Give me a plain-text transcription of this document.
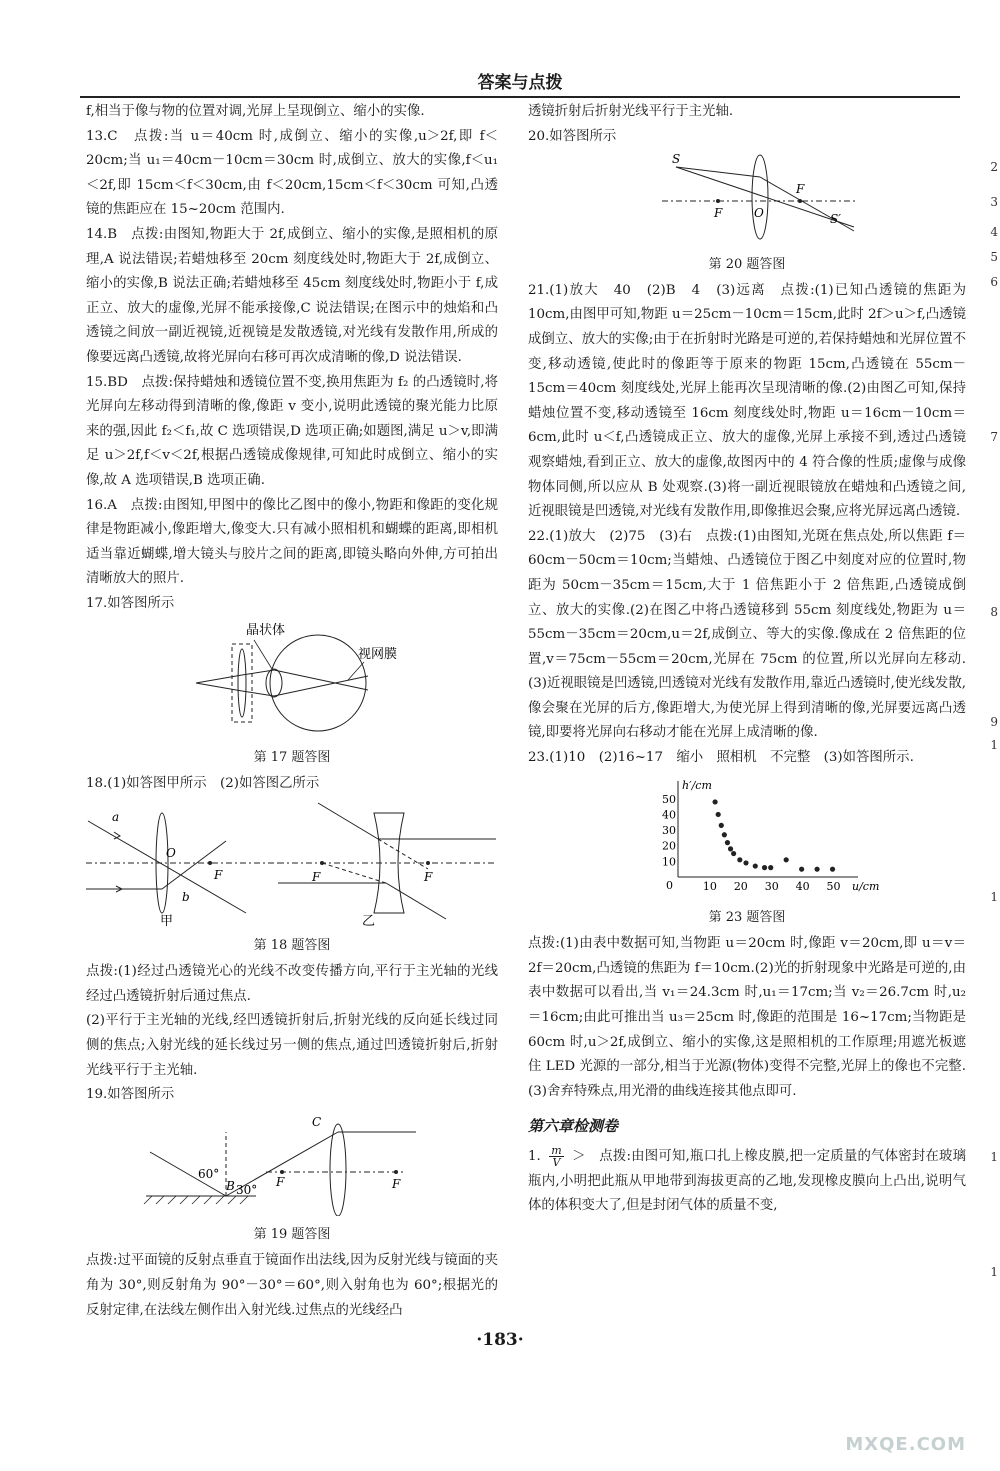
答案与点拨

f,相当于像与物的位置对调,光屏上呈现倒立、缩小的实像.

13.C　点拨:当 u＝40cm 时,成倒立、缩小的实像,u＞2f,即 f＜20cm;当 u₁＝40cm－10cm＝30cm 时,成倒立、放大的实像,f＜u₁＜2f,即 15cm＜f＜30cm,由 f＜20cm,15cm＜f＜30cm 可知,凸透镜的焦距应在 15~20cm 范围内.

14.B　点拨:由图知,物距大于 2f,成倒立、缩小的实像,是照相机的原理,A 说法错误;若蜡烛移至 20cm 刻度线处时,物距大于 2f,成倒立、缩小的实像,B 说法正确;若蜡烛移至 45cm 刻度线处时,物距小于 f,成正立、放大的虚像,光屏不能承接像,C 说法错误;在图示中的烛焰和凸透镜之间放一副近视镜,近视镜是发散透镜,对光线有发散作用,所成的像要远离凸透镜,故将光屏向右移可再次成清晰的像,D 说法错误.

15.BD　点拨:保持蜡烛和透镜位置不变,换用焦距为 f₂ 的凸透镜时,将光屏向左移动得到清晰的像,像距 v 变小,说明此透镜的聚光能力比原来的强,因此 f₂＜f₁,故 C 选项错误,D 选项正确;如题图,满足 u＞v,即满足 u＞2f,f＜v＜2f,根据凸透镜成像规律,可知此时成倒立、缩小的实像,故 A 选项错误,B 选项正确.

16.A　点拨:由图知,甲图中的像比乙图中的像小,物距和像距的变化规律是物距减小,像距增大,像变大.只有减小照相机和蝴蝶的距离,即相机适当靠近蝴蝶,增大镜头与胶片之间的距离,即镜头略向外伸,方可拍出清晰放大的照片.

17.如答图所示

晶状体
视网膜
第 17 题答图

18.(1)如答图甲所示　(2)如答图乙所示

a
O
b
F
甲
F	F
乙
第 18 题答图

点拨:(1)经过凸透镜光心的光线不改变传播方向,平行于主光轴的光线经过凸透镜折射后通过焦点.

(2)平行于主光轴的光线,经凹透镜折射后,折射光线的反向延长线过同侧的焦点;入射光线的延长线过另一侧的焦点,通过凹透镜折射后,折射光线平行于主光轴.

19.如答图所示

60°
30°
B
C
F	F
第 19 题答图

点拨:过平面镜的反射点垂直于镜面作出法线,因为反射光线与镜面的夹角为 30°,则反射角为 90°－30°＝60°,则入射角也为 60°;根据光的反射定律,在法线左侧作出入射光线.过焦点的光线经凸

透镜折射后折射光线平行于主光轴.

20.如答图所示

S
S′
F
F
O
第 20 题答图

21.(1)放大　40　(2)B　4　(3)远离　点拨:(1)已知凸透镜的焦距为 10cm,由图甲可知,物距 u＝25cm－10cm＝15cm,此时 2f＞u＞f,凸透镜成倒立、放大的实像;由于在折射时光路是可逆的,若保持蜡烛和光屏位置不变,移动透镜,使此时的像距等于原来的物距 15cm,凸透镜在 55cm－15cm＝40cm 刻度线处,光屏上能再次呈现清晰的像.(2)由图乙可知,保持蜡烛位置不变,移动透镜至 16cm 刻度线处时,物距 u＝16cm－10cm＝6cm,此时 u＜f,凸透镜成正立、放大的虚像,光屏上承接不到,透过凸透镜观察蜡烛,看到正立、放大的虚像,故图丙中的 4 符合像的性质;虚像与成像物体同侧,所以应从 B 处观察.(3)将一副近视眼镜放在蜡烛和凸透镜之间,近视眼镜是凹透镜,对光线有发散作用,即像推迟会聚,应将光屏远离凸透镜.

22.(1)放大　(2)75　(3)右　点拨:(1)由图知,光斑在焦点处,所以焦距 f＝60cm－50cm＝10cm;当蜡烛、凸透镜位于图乙中刻度对应的位置时,物距为 50cm－35cm＝15cm,大于 1 倍焦距小于 2 倍焦距,凸透镜成倒立、放大的实像.(2)在图乙中将凸透镜移到 55cm 刻度线处,物距为 u＝55cm－35cm＝20cm,u＝2f,成倒立、等大的实像.像成在 2 倍焦距的位置,v＝75cm－55cm＝20cm,光屏在 75cm 的位置,所以光屏向左移动.(3)近视眼镜是凹透镜,凹透镜对光线有发散作用,靠近凸透镜时,使光线发散,像会聚在光屏的后方,像距增大,为使光屏上得到清晰的像,光屏要远离凸透镜,即要将光屏向右移动才能在光屏上成清晰的像.

23.(1)10　(2)16~17　缩小　照相机　不完整　(3)如答图所示.

10 20 30 40 50
10
20
30
40
50
h′/cm
u/cm
0
第 23 题答图

点拨:(1)由表中数据可知,当物距 u＝20cm 时,像距 v＝20cm,即 u＝v＝2f＝20cm,凸透镜的焦距为 f＝10cm.(2)光的折射现象中光路是可逆的,由表中数据可以看出,当 v₁＝24.3cm 时,u₁＝17cm;当 v₂＝26.7cm 时,u₂＝16cm;由此可推出当 u₃＝25cm 时,像距的范围是 16~17cm;当物距是 60cm 时,u＞2f,成倒立、缩小的实像,这是照相机的工作原理;用遮光板遮住 LED 光源的一部分,相当于光源(物体)变得不完整,光屏上的像也不完整.(3)舍弃特殊点,用光滑的曲线连接其他点即可.

第六章检测卷

1. $\frac{m}{V}$ ＞　点拨:由图可知,瓶口扎上橡皮膜,把一定质量的气体密封在玻璃瓶内,小明把此瓶从甲地带到海拔更高的乙地,发现橡皮膜向上凸出,说明气体的体积变大了,但是封闭气体的质量不变,

·183·
2
3
4
5
6
7
8
9
1
1
1
1
MXQE.COM
